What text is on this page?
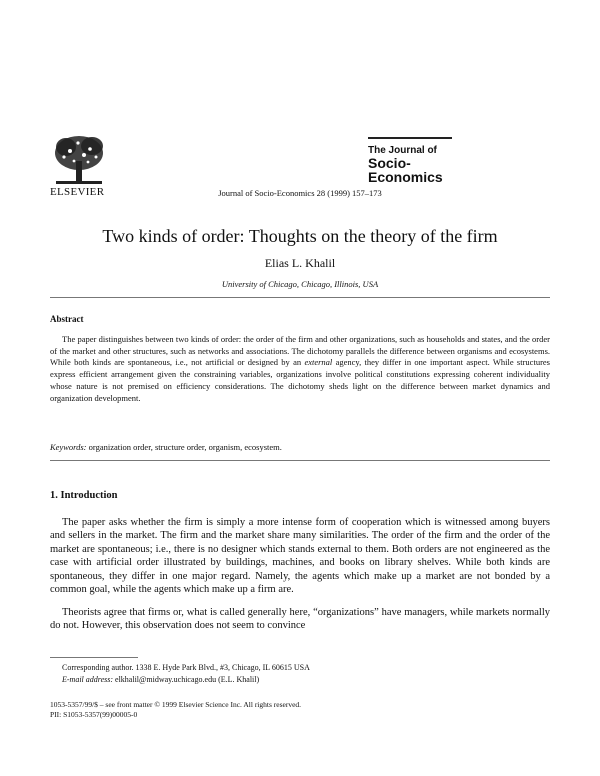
ELSEVIER	Journal of Socio-Economics 28 (1999) 157–173
The Journal of
Socio-
Economics
Two kinds of order: Thoughts on the theory of the firm
Elias L. Khalil
University of Chicago, Chicago, Illinois, USA
Abstract
The paper distinguishes between two kinds of order: the order of the firm and other organizations, such as households and states, and the order of the market and other structures, such as networks and associations. The dichotomy parallels the difference between organisms and ecosystems. While both kinds are spontaneous, i.e., not artificial or designed by an external agency, they differ in one important aspect. While structures express efficient arrangement given the constraining variables, organizations involve political constitutions expressing coherent individuality whose nature is not premised on efficiency considerations. The dichotomy sheds light on the difference between market dynamics and organization development.
Keywords: organization order, structure order, organism, ecosystem.
1. Introduction
The paper asks whether the firm is simply a more intense form of cooperation which is witnessed among buyers and sellers in the market. The firm and the market share many similarities. The order of the firm and the order of the market are spontaneous; i.e., there is no designer which stands external to them. Both orders are not engineered as the case with artificial order illustrated by buildings, machines, and books on library shelves. While both kinds are spontaneous, they differ in one major regard. Namely, the agents which make up a market are not bonded by a common goal, while the agents which make up a firm are.
Theorists agree that firms or, what is called generally here, “organizations” have managers, while markets normally do not. However, this observation does not seem to convince
Corresponding author. 1338 E. Hyde Park Blvd., #3, Chicago, IL 60615 USA
E-mail address: elkhalil@midway.uchicago.edu (E.L. Khalil)
1053-5357/99/$ – see front matter © 1999 Elsevier Science Inc. All rights reserved.
PII: S1053-5357(99)00005-0
